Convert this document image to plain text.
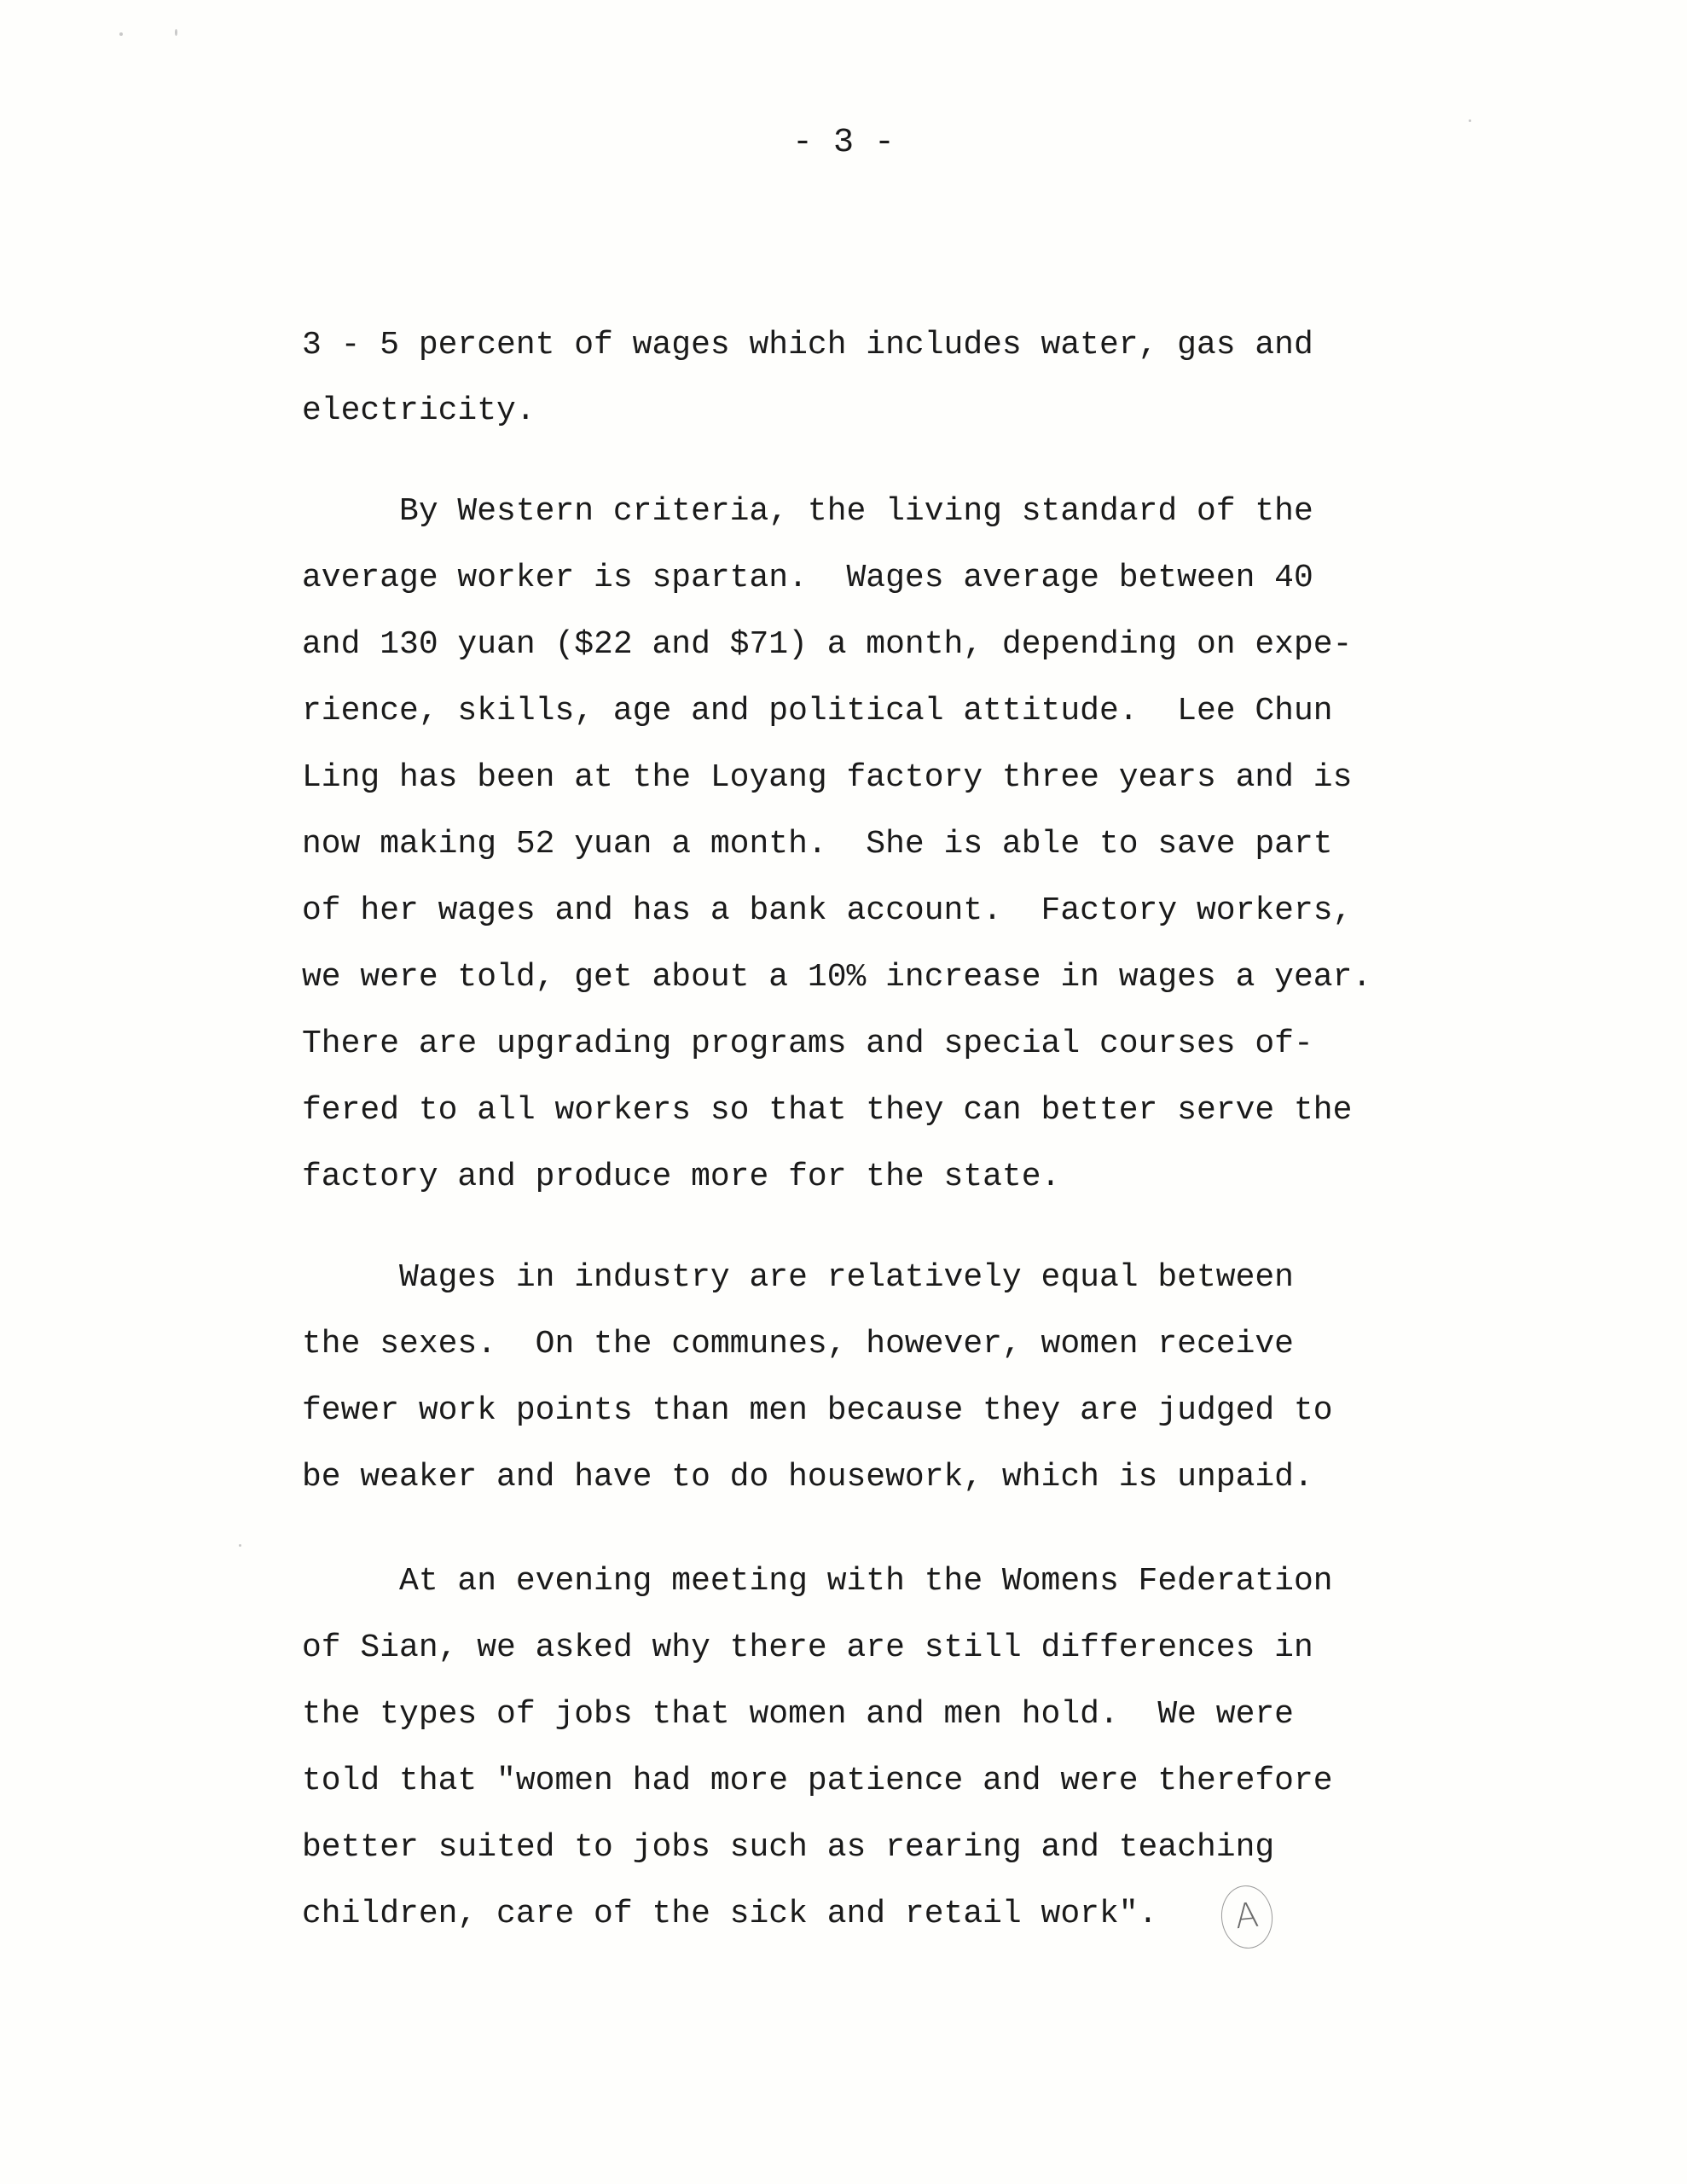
- 3 -
3 - 5 percent of wages which includes water, gas and
electricity.
By Western criteria, the living standard of the
average worker is spartan.  Wages average between 40
and 130 yuan ($22 and $71) a month, depending on expe-
rience, skills, age and political attitude.  Lee Chun
Ling has been at the Loyang factory three years and is
now making 52 yuan a month.  She is able to save part
of her wages and has a bank account.  Factory workers,
we were told, get about a 10% increase in wages a year.
There are upgrading programs and special courses of-
fered to all workers so that they can better serve the
factory and produce more for the state.
Wages in industry are relatively equal between
the sexes.  On the communes, however, women receive
fewer work points than men because they are judged to
be weaker and have to do housework, which is unpaid.
At an evening meeting with the Womens Federation
of Sian, we asked why there are still differences in
the types of jobs that women and men hold.  We were
told that "women had more patience and were therefore
better suited to jobs such as rearing and teaching
children, care of the sick and retail work".	A
